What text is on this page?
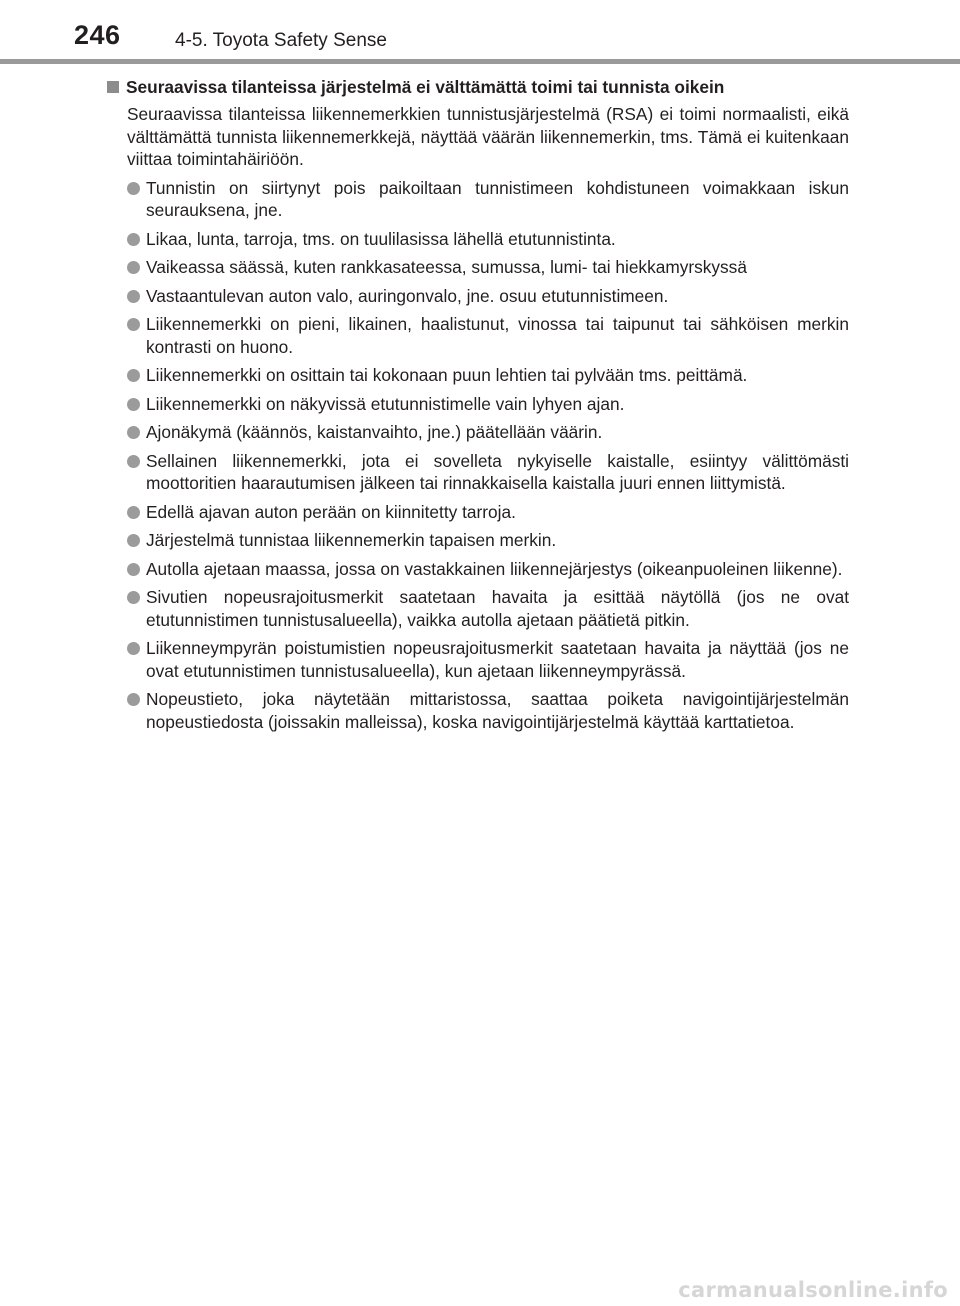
246	4-5. Toyota Safety Sense
Seuraavissa tilanteissa järjestelmä ei välttämättä toimi tai tunnista oikein

Seuraavissa tilanteissa liikennemerkkien tunnistusjärjestelmä (RSA) ei toimi normaalisti, eikä välttämättä tunnista liikennemerkkejä, näyttää väärän liikennemerkin, tms. Tämä ei kuitenkaan viittaa toimintahäiriöön.

Tunnistin on siirtynyt pois paikoiltaan tunnistimeen kohdistuneen voimakkaan iskun seurauksena, jne.
Likaa, lunta, tarroja, tms. on tuulilasissa lähellä etutunnistinta.
Vaikeassa säässä, kuten rankkasateessa, sumussa, lumi- tai hiekkamyrskyssä
Vastaantulevan auton valo, auringonvalo, jne. osuu etutunnistimeen.
Liikennemerkki on pieni, likainen, haalistunut, vinossa tai taipunut tai sähköisen merkin kontrasti on huono.
Liikennemerkki on osittain tai kokonaan puun lehtien tai pylvään tms. peittämä.
Liikennemerkki on näkyvissä etutunnistimelle vain lyhyen ajan.
Ajonäkymä (käännös, kaistanvaihto, jne.) päätellään väärin.
Sellainen liikennemerkki, jota ei sovelleta nykyiselle kaistalle, esiintyy välittömästi moottoritien haarautumisen jälkeen tai rinnakkaisella kaistalla juuri ennen liittymistä.
Edellä ajavan auton perään on kiinnitetty tarroja.
Järjestelmä tunnistaa liikennemerkin tapaisen merkin.
Autolla ajetaan maassa, jossa on vastakkainen liikennejärjestys (oikeanpuoleinen liikenne).
Sivutien nopeusrajoitusmerkit saatetaan havaita ja esittää näytöllä (jos ne ovat etutunnistimen tunnistusalueella), vaikka autolla ajetaan päätietä pitkin.
Liikenneympyrän poistumistien nopeusrajoitusmerkit saatetaan havaita ja näyttää (jos ne ovat etutunnistimen tunnistusalueella), kun ajetaan liikenneympyrässä.
Nopeustieto, joka näytetään mittaristossa, saattaa poiketa navigointijärjestelmän nopeustiedosta (joissakin malleissa), koska navigointijärjestelmä käyttää karttatietoa.
carmanualsonline.info
